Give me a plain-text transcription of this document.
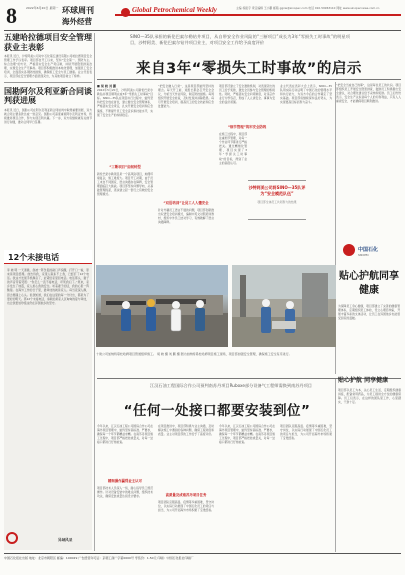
8	2022年6月20日 星期一 环球周刊
海外经营
Global Petrochemical Weekly	主编 杨振宇 责任编辑 王小鹏 邮箱 ggxw@sinopec.com 电话 010-59963110 网址 www.sinopecnews.com.cn
五建哈拉德项目安全管理获业主表彰
本报讯 近日，沙特阿美公司对中石化第五建设有限公司哈拉德项目安全管理工作予以表彰。项目部自开工以来，坚持“安全第一、预防为主、综合治理”的方针，严格落实安全生产责任制，持续开展隐患排查治理，实现安全生产无事故。项目部积极推进本地化管理，加强员工安全培训，全面落实各项防控措施，确保施工安全与员工健康。业主代表表示，项目部在安全管理方面表现突出，为其他项目树立了榜样。
国勘阿尔及利亚新合同谈判获进展
本报讯 近日，国勘公司在阿尔及利亚新合同谈判中取得重要进展，双方就合同主要条款达成一致意见。国勘公司高度重视阿尔及利亚市场，积极推进项目合作，努力实现互利共赢。下一步，双方将继续就有关细节进行沟通，推动合同早日签署。
12个未接电话
李 晓 明 一天清晨，我被一阵急促的敲门声惊醒，打开门一看，原来是项目经理。他告诉我，家里人联系不上我，已经打了12个电话。我这才发现手机静音了，赶紧给家里回电话。电话那头，妻子的声音带着哭腔：“你怎么一直不接电话，吓死我们了。”原来，家乡发生了地震，家人担心我的安全。听着妻子的话，我的心里一阵酸楚。在海外工作的日子里，最牵挂的就是家人。每当夜深人静，思念便涌上心头。但我知道，我们在这里的每一分付出，都是为了更好的明天。那12个未接电话，承载的是家人沉甸甸的爱与牵挂，也让我更加珍惜这份在异国他乡的坚守。
异域风采
SINO—35队承担的新伦巴索尔勒钻井项目，从自带安全作业风险的“三断项目”成长为3年“零损失工时事故”的明星项目，沙特阿美、新伦巴索尔钻井项目业主，对项目安全工作给予高度评价
来自3年“零损失工时事故”的启示
■ 梁 晓 刘 鹏
2022年5月20日，沙特阿美公司新伦巴索尔勒钻井项目顺利完成3年“零损失工时事故”目标。SINO—35队在项目执行过程中，始终坚持把安全放在首位，建立健全安全管理体系，严格落实安全责任，扎实开展安全培训和应急演练，不断提升员工安全意识和技能水平，实现了安全生产的持续稳定。
“三断项目”如何转型
新伦巴索尔勒项目是一个高风险项目，地理环境复杂，施工难度大。项目开工初期，由于员工来自不同国家，语言沟通存在障碍，安全管理面临巨大挑战。项目部坚持问题导向，从基础管理抓起，逐步建立起一套行之有效的安全管理模式。
“把安全融入日常”，这是项目部始终坚持的理念。每天开工前，班组长都会召开安全会议，分析当天作业风险，制定防控措施。每周组织开展安全检查，及时发现并消除隐患。每月开展安全培训，提高员工的安全技能和应急处置能力。
“双语培训”让员工人人懂安全
针对外籍员工语言不通的问题，项目部创新推出双语安全培训模式，编制中英文对照培训教材，组织中外员工结对学习，有效破解了语言沟通障碍。
项目部还建立了安全激励机制，对表现突出的员工给予奖励，激发全员参与安全管理的积极性。同时，严格落实安全问责制度，对违章作业行为零容忍，形成了人人讲安全、事事为安全的良好氛围。
“细节管理”筑牢安全防线
在施工过程中，项目部注重细节管理，对每一个作业环节都进行严格把关。通过精细化管理，项目实现了3年“零损失工时事故”的目标，得到了业主的高度认可。
业主代表在表彰大会上表示，SINO—35队用实际行动证明了中国石化的管理水平和执行能力，为双方今后的合作奠定了坚实基础。项目部将继续保持良好势头，为实现更高目标而努力奋斗。
沙特阿美公司将SINO—35队评为“安全模范队伍”
项目部全体员工共同努力的结果
“把安全当成自己的事”，这是每位员工的共识。项目部组织员工开展安全隐患排查，鼓励员工积极提出安全建议，对合理化建议给予采纳和奖励。员工们纷纷表示，安全生产关系到每个人的切身利益，只有人人重视安全，才能确保项目顺利推进。
中国石化
SINOPEC
贴心护航同享健康
为保障员工身心健康，项目部建立了完善的健康管理体系，定期组织员工体检，设立心理咨询室，开展丰富多彩的文体活动，让员工在异国他乡也能感受到家的温暖。
十建公司加纳特曼杜哈姆项目管道组焊施工。 胡 晓 摄 刘 鹏 摄 图为加纳特曼杜哈姆项目施工现场，项目部加强安全管理，确保施工安全有序进行。
江汉石油工程国际合作公司预判南苏丹项目Ruboxe部分设备气工程师需换到南苏丹项目
“任何一处接口都要安装到位”
今年以来，江汉石油工程公司国际合作公司在海外项目管理中，始终坚持高标准、严要求，确保每一个环节都精益求精。在南苏丹项目施工过程中，项目部严格把控质量关，对每一处接口都进行仔细检查。
精细操作赢得业主认可
项目部技术人员深入一线，耐心指导员工规范操作。针对设备安装中的难点问题，组织技术攻关，确保安装质量达到设计要求。
在项目推进中，项目部积极与业主沟通，及时解决施工中遇到的各种问题，确保工程进度和质量。业主对项目部的工作给予了高度评价。
高质量完成南苏丹项目任务
项目团队克服高温、疫情等多重困难，坚守岗位，以实际行动展现了中国石化员工的责任与担当，为公司开拓海外市场积累了宝贵经验。
今年以来，江汉石油工程公司国际合作公司在海外项目管理中，始终坚持高标准、严要求，确保每一个环节都精益求精。在南苏丹项目施工过程中，项目部严格把控质量关，对每一处接口都进行仔细检查。
项目团队克服高温、疫情等多重困难，坚守岗位，以实际行动展现了中国石化员工的责任与担当，为公司开拓海外市场积累了宝贵经验。
贴心护航 同享健康
项目部以员工为本，关心员工生活，定期组织健康讲座，配备常用药品，为员工提供全方位的健康保障。员工们表示，在这样的团队里工作，心里踏实，干劲十足。
中国石化报社出版 地址：北京市朝阳区 邮编：100029 广告经营许可证：京朝工商广字第0000号 零售价：1.50元 印刷：中国石化报社印刷厂
